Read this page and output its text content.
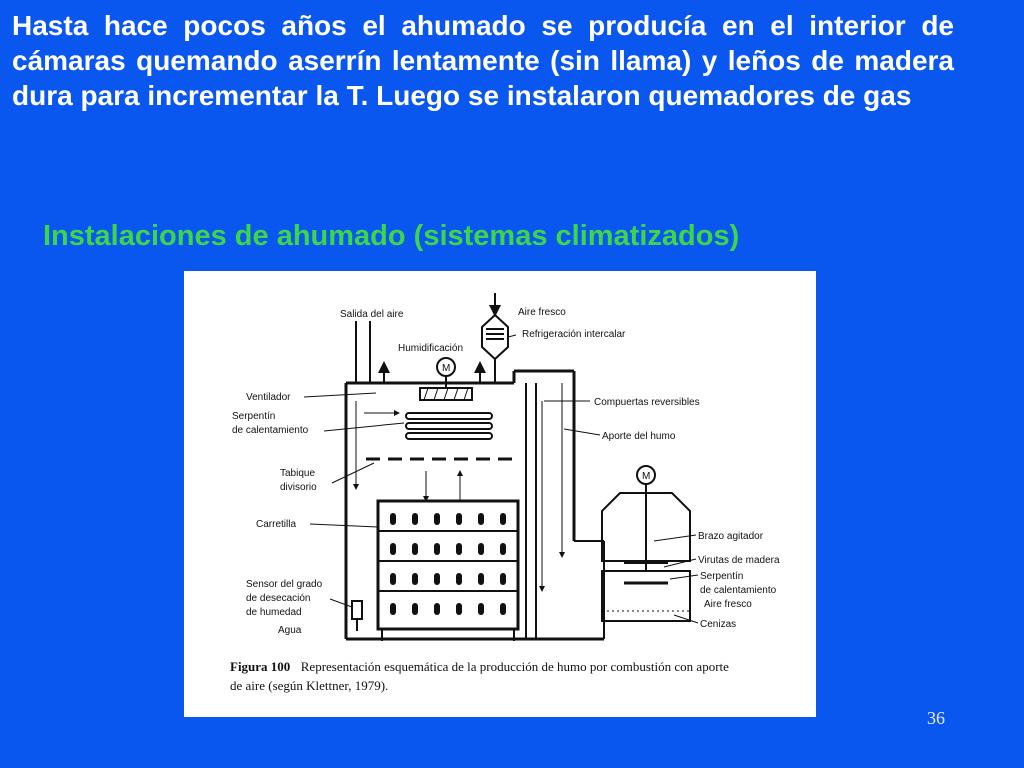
Hasta hace pocos años el ahumado se producía en el interior de cámaras quemando aserrín lentamente (sin llama) y leños de madera dura para incrementar la T. Luego se instalaron quemadores de gas

Instalaciones de ahumado (sistemas climatizados)

M
M
Salida del aire	Aire fresco
Refrigeración intercalar
Humidificación
Ventilador
Serpentín
de calentamiento
Compuertas reversibles
Aporte del humo
Tabique
divisorio
Carretilla
Brazo agitador
Virutas de madera
Serpentín
de calentamiento
Aire fresco
Cenizas
Sensor del grado
de desecación
de humedad
Agua
Figura 100 Representación esquemática de la producción de humo por combustión con aporte
de aire (según Klettner, 1979).
36
